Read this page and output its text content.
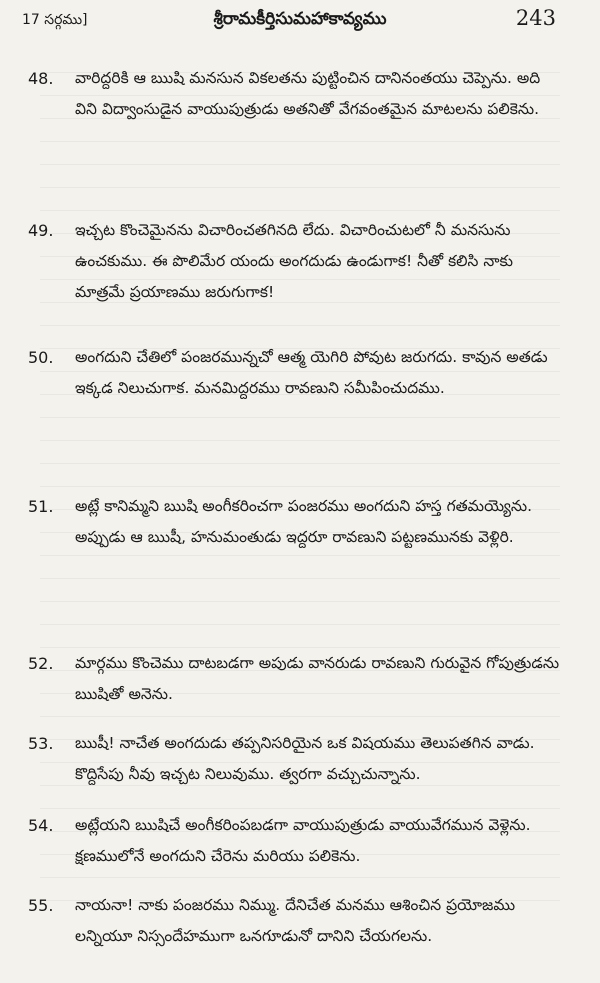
17 సర్గము]	శ్రీరామకీర్తిసుమహాకావ్యము	243
48.	వారిద్దరికి ఆ ఋషి మనసున వికలతను పుట్టించిన దానినంతయు చెప్పెను. అది విని విద్వాంసుడైన వాయుపుత్రుడు అతనితో వేగవంతమైన మాటలను పలికెను.
49.	ఇచ్చట కొంచెమైనను విచారించతగినది లేదు. విచారించుటలో నీ మనసును ఉంచకుము. ఈ పొలిమేర యందు అంగదుడు ఉండుగాక! నీతో కలిసి నాకు మాత్రమే ప్రయాణము జరుగుగాక!
50.	అంగదుని చేతిలో పంజరమున్నచో ఆత్మ యెగిరి పోవుట జరుగదు. కావున అతడు ఇక్కడ నిలుచుగాక. మనమిద్దరము రావణుని సమీపించుదము.
51.	అట్లే కానిమ్మని ఋషి అంగీకరించగా పంజరము అంగదుని హస్త గతమయ్యెను. అప్పుడు ఆ ఋషీ, హనుమంతుడు ఇద్దరూ రావణుని పట్టణమునకు వెళ్లిరి.
52.	మార్గము కొంచెము దాటబడగా అపుడు వానరుడు రావణుని గురువైన గోపుత్రుడను ఋషితో అనెను.
53.	ఋషీ! నాచేత అంగదుడు తప్పనిసరియైన ఒక విషయము తెలుపతగిన వాడు. కొద్దిసేపు నీవు ఇచ్చట నిలువుము. త్వరగా వచ్చుచున్నాను.
54.	అట్లేయని ఋషిచే అంగీకరింపబడగా వాయుపుత్రుడు వాయువేగమున వెళ్లెను. క్షణములోనే అంగదుని చేరెను మరియు పలికెను.
55.	నాయనా! నాకు పంజరము నిమ్ము. దేనిచేత మనము ఆశించిన ప్రయోజము లన్నియూ నిస్సందేహముగా ఒనగూడునో దానిని చేయగలను.
